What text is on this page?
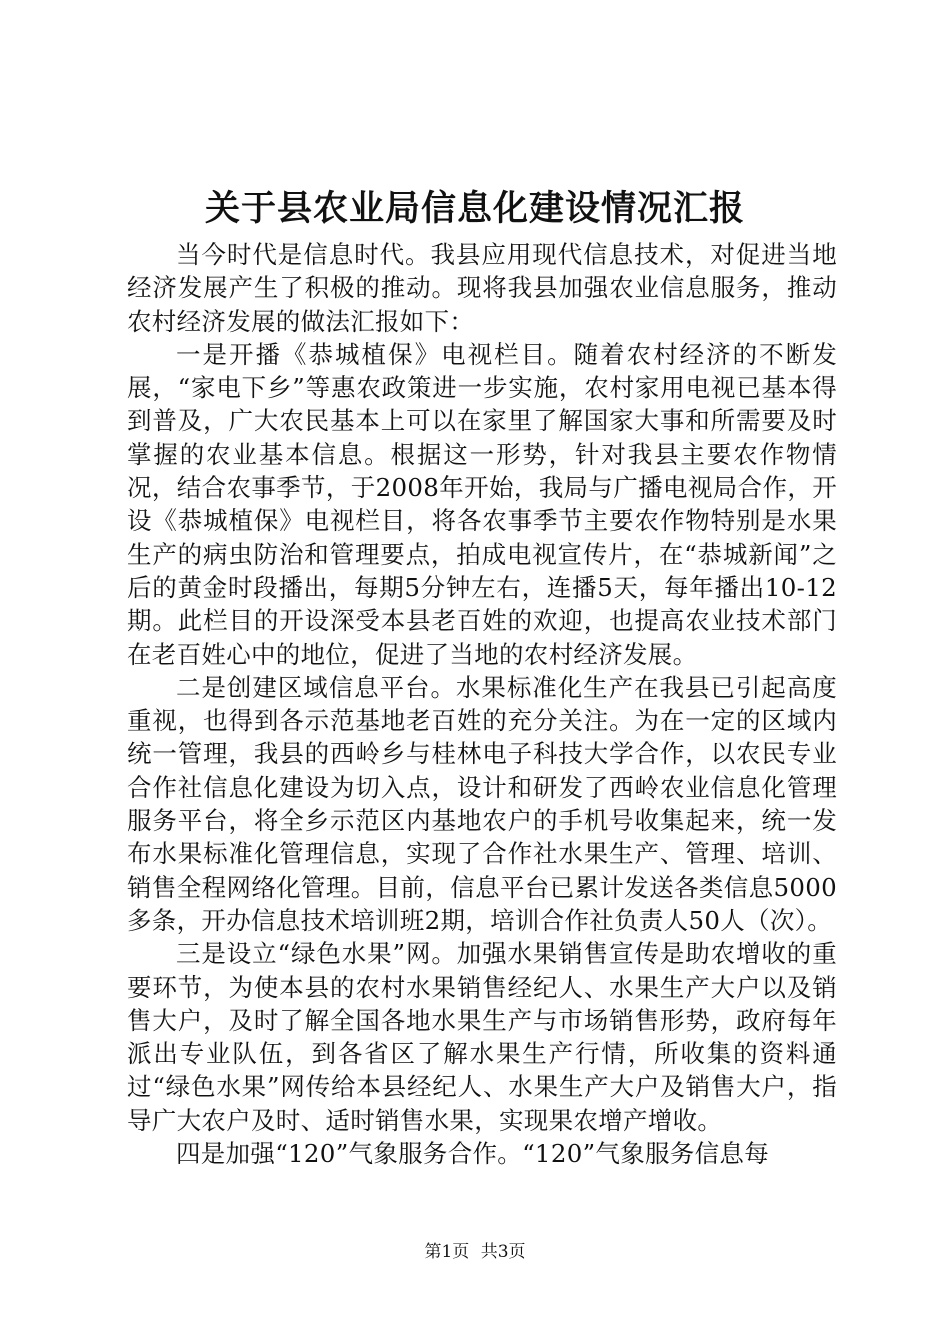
关于县农业局信息化建设情况汇报

当今时代是信息时代。我县应用现代信息技术，对促进当地经济发展产生了积极的推动。现将我县加强农业信息服务，推动农村经济发展的做法汇报如下：

一是开播《恭城植保》电视栏目。随着农村经济的不断发展，“家电下乡”等惠农政策进一步实施，农村家用电视已基本得到普及，广大农民基本上可以在家里了解国家大事和所需要及时掌握的农业基本信息。根据这一形势，针对我县主要农作物情况，结合农事季节，于2008年开始，我局与广播电视局合作，开设《恭城植保》电视栏目，将各农事季节主要农作物特别是水果生产的病虫防治和管理要点，拍成电视宣传片，在“恭城新闻”之后的黄金时段播出，每期5分钟左右，连播5天，每年播出10-12期。此栏目的开设深受本县老百姓的欢迎，也提高农业技术部门在老百姓心中的地位，促进了当地的农村经济发展。

二是创建区域信息平台。水果标准化生产在我县已引起高度重视，也得到各示范基地老百姓的充分关注。为在一定的区域内统一管理，我县的西岭乡与桂林电子科技大学合作，以农民专业合作社信息化建设为切入点，设计和研发了西岭农业信息化管理服务平台，将全乡示范区内基地农户的手机号收集起来，统一发布水果标准化管理信息，实现了合作社水果生产、管理、培训、销售全程网络化管理。目前，信息平台已累计发送各类信息5000多条，开办信息技术培训班2期，培训合作社负责人50人（次）。

三是设立“绿色水果”网。加强水果销售宣传是助农增收的重要环节，为使本县的农村水果销售经纪人、水果生产大户以及销售大户，及时了解全国各地水果生产与市场销售形势，政府每年派出专业队伍，到各省区了解水果生产行情，所收集的资料通过“绿色水果”网传给本县经纪人、水果生产大户及销售大户，指导广大农户及时、适时销售水果，实现果农增产增收。

四是加强“120”气象服务合作。“120”气象服务信息每

第1页 共3页
